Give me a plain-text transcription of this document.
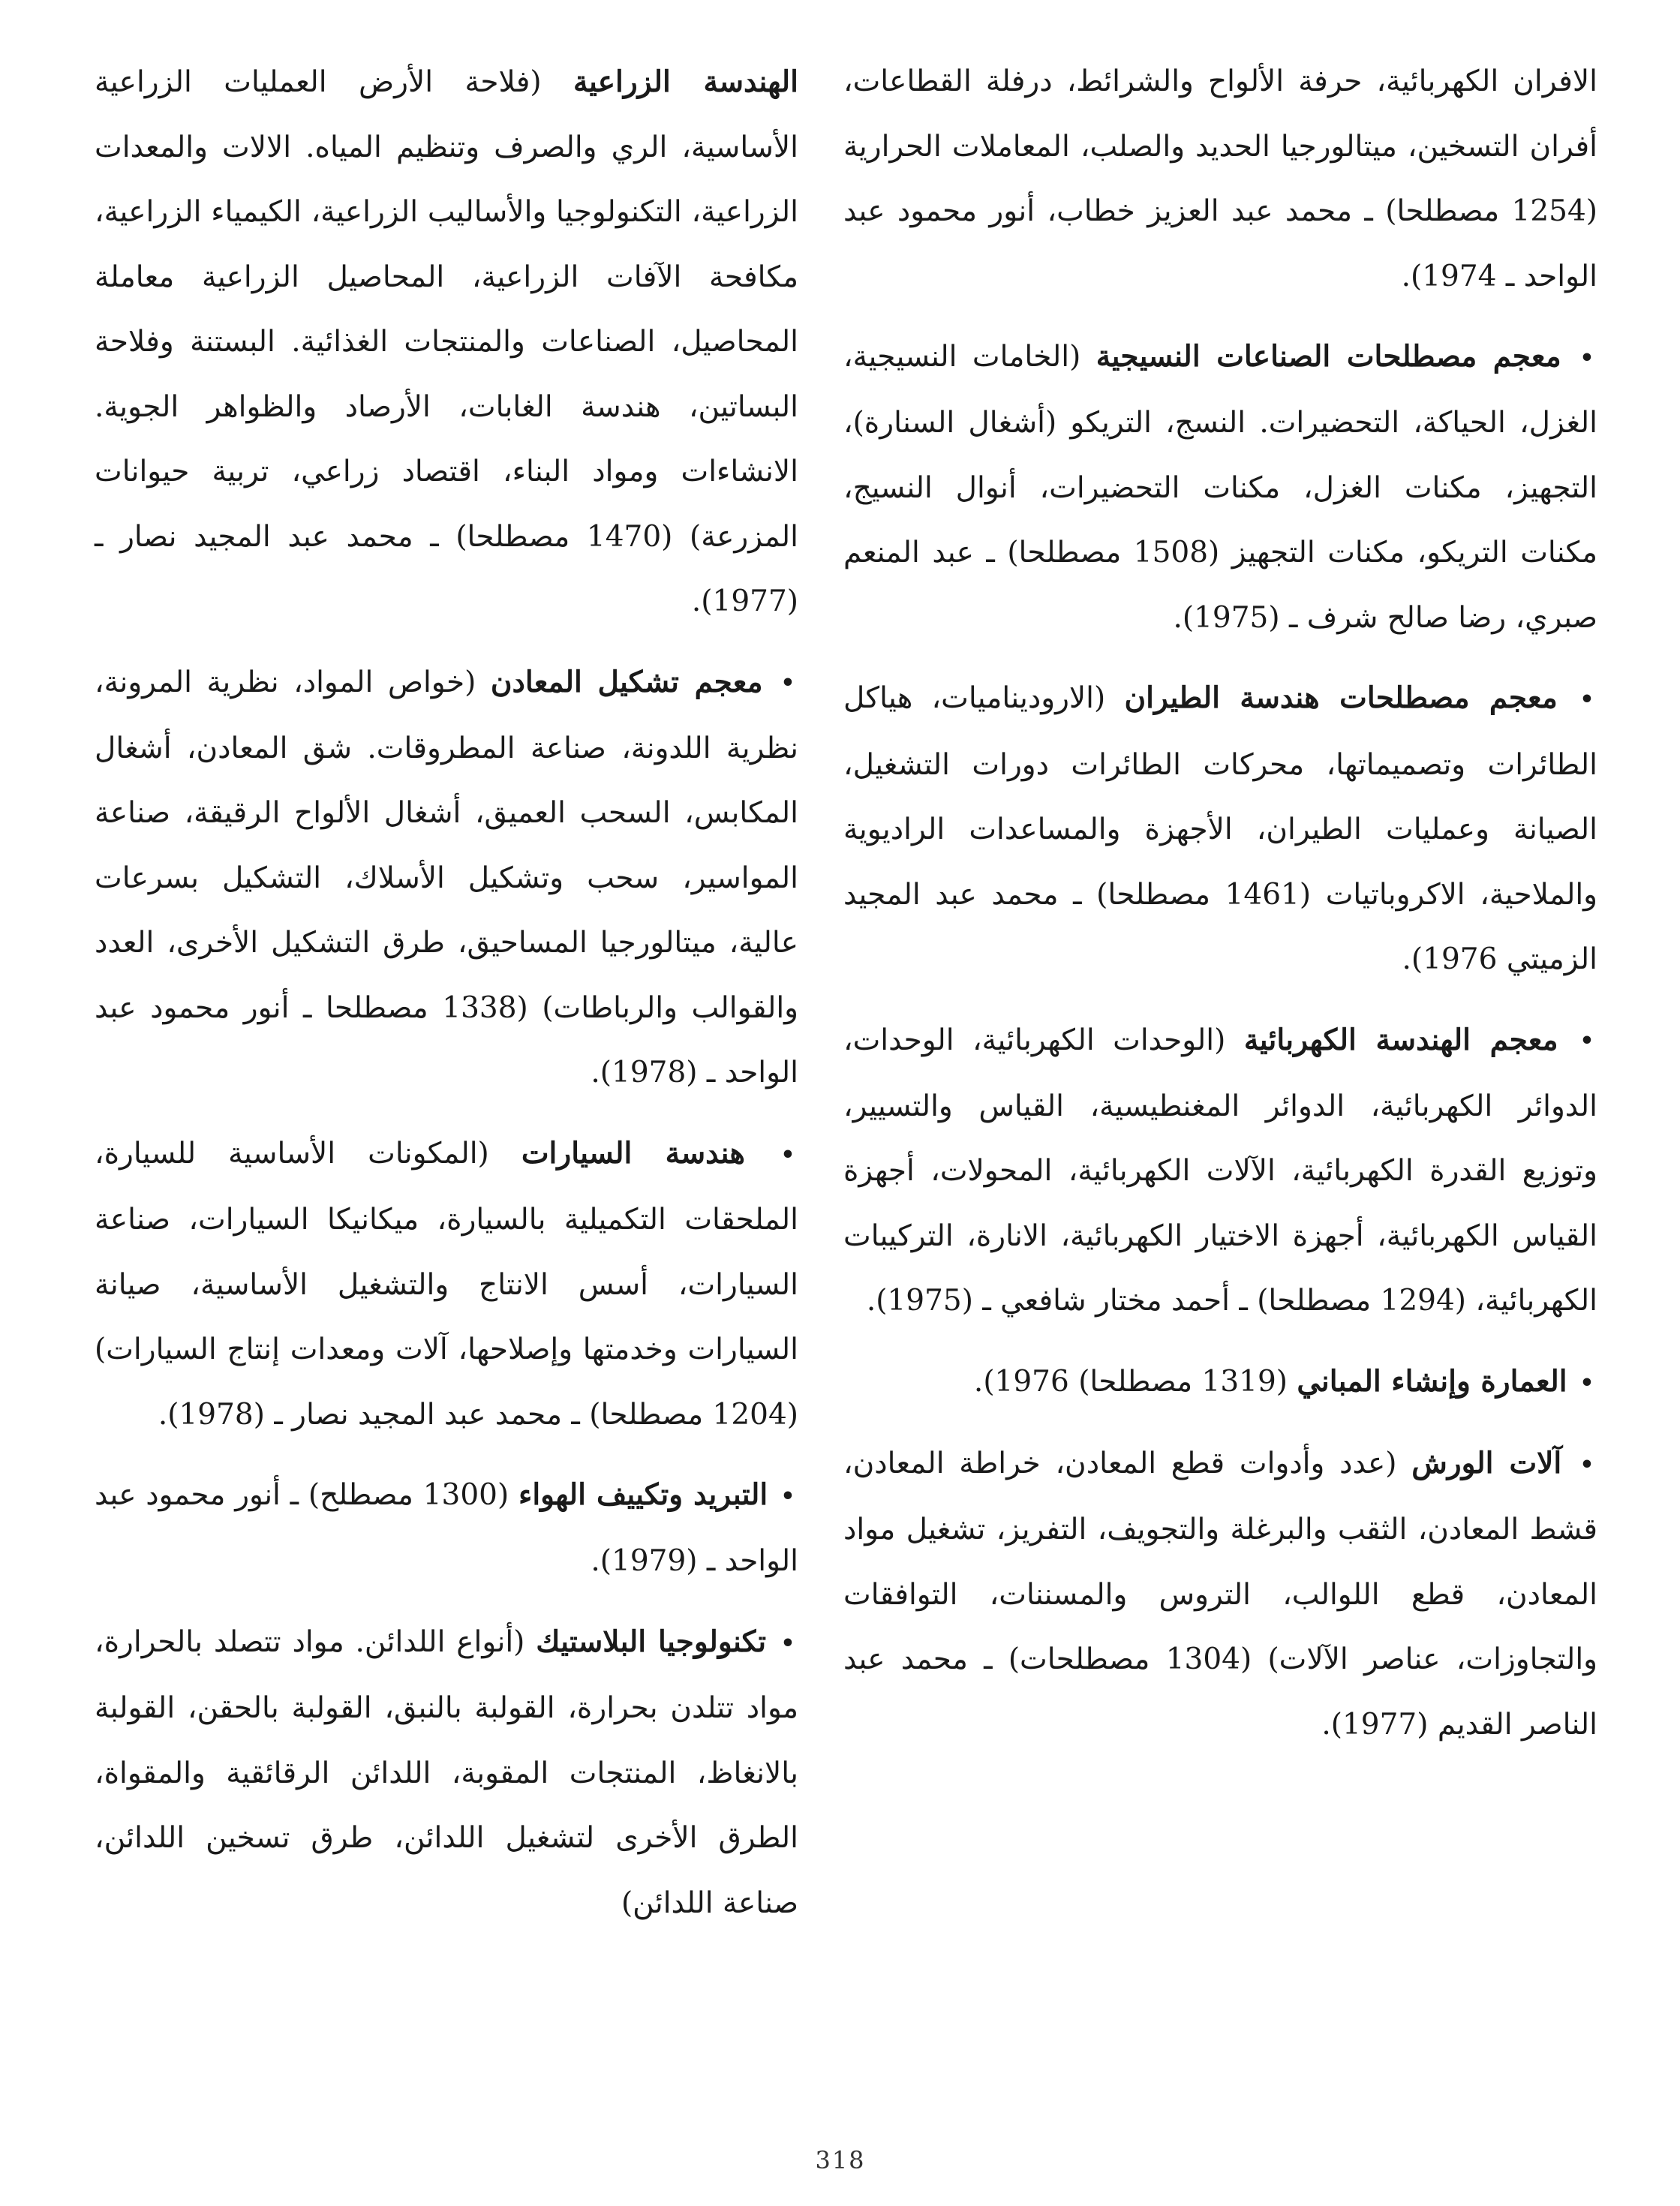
الافران الكهربائية، حرفة الألواح والشرائط، درفلة القطاعات، أفران التسخين، ميتالورجيا الحديد والصلب، المعاملات الحرارية (1254 مصطلحا) ـ محمد عبد العزيز خطاب، أنور محمود عبد الواحد ـ 1974).

• معجم مصطلحات الصناعات النسيجية (الخامات النسيجية، الغزل، الحياكة، التحضيرات. النسج، التريكو (أشغال السنارة)، التجهيز، مكنات الغزل، مكنات التحضيرات، أنوال النسيج، مكنات التريكو، مكنات التجهيز (1508 مصطلحا) ـ عبد المنعم صبري، رضا صالح شرف ـ (1975).

• معجم مصطلحات هندسة الطيران (الاروديناميات، هياكل الطائرات وتصميماتها، محركات الطائرات دورات التشغيل، الصيانة وعمليات الطيران، الأجهزة والمساعدات الراديوية والملاحية، الاكروباتيات (1461 مصطلحا) ـ محمد عبد المجيد الزميتي 1976).

• معجم الهندسة الكهربائية (الوحدات الكهربائية، الوحدات، الدوائر الكهربائية، الدوائر المغنطيسية، القياس والتسيير، وتوزيع القدرة الكهربائية، الآلات الكهربائية، المحولات، أجهزة القياس الكهربائية، أجهزة الاختيار الكهربائية، الانارة، التركيبات الكهربائية، (1294 مصطلحا) ـ أحمد مختار شافعي ـ (1975).

• العمارة وإنشاء المباني (1319 مصطلحا) 1976).

• آلات الورش (عدد وأدوات قطع المعادن، خراطة المعادن، قشط المعادن، الثقب والبرغلة والتجويف، التفريز، تشغيل مواد المعادن، قطع اللوالب، التروس والمسننات، التوافقات والتجاوزات، عناصر الآلات) (1304 مصطلحات) ـ محمد عبد الناصر القديم (1977).

الهندسة الزراعية (فلاحة الأرض العمليات الزراعية الأساسية، الري والصرف وتنظيم المياه. الالات والمعدات الزراعية، التكنولوجيا والأساليب الزراعية، الكيمياء الزراعية، مكافحة الآفات الزراعية، المحاصيل الزراعية معاملة المحاصيل، الصناعات والمنتجات الغذائية. البستنة وفلاحة البساتين، هندسة الغابات، الأرصاد والظواهر الجوية. الانشاءات ومواد البناء، اقتصاد زراعي، تربية حيوانات المزرعة) (1470 مصطلحا) ـ محمد عبد المجيد نصار ـ (1977).

• معجم تشكيل المعادن (خواص المواد، نظرية المرونة، نظرية اللدونة، صناعة المطروقات. شق المعادن، أشغال المكابس، السحب العميق، أشغال الألواح الرقيقة، صناعة المواسير، سحب وتشكيل الأسلاك، التشكيل بسرعات عالية، ميتالورجيا المساحيق، طرق التشكيل الأخرى، العدد والقوالب والرباطات) (1338 مصطلحا ـ أنور محمود عبد الواحد ـ (1978).

• هندسة السيارات (المكونات الأساسية للسيارة، الملحقات التكميلية بالسيارة، ميكانيكا السيارات، صناعة السيارات، أسس الانتاج والتشغيل الأساسية، صيانة السيارات وخدمتها وإصلاحها، آلات ومعدات إنتاج السيارات) (1204 مصطلحا) ـ محمد عبد المجيد نصار ـ (1978).

• التبريد وتكييف الهواء (1300 مصطلح) ـ أنور محمود عبد الواحد ـ (1979).

• تكنولوجيا البلاستيك (أنواع اللدائن. مواد تتصلد بالحرارة، مواد تتلدن بحرارة، القولبة بالنبق، القولبة بالحقن، القولبة بالانغاظ، المنتجات المقوبة، اللدائن الرقائقية والمقواة، الطرق الأخرى لتشغيل اللدائن، طرق تسخين اللدائن، صناعة اللدائن)

318
